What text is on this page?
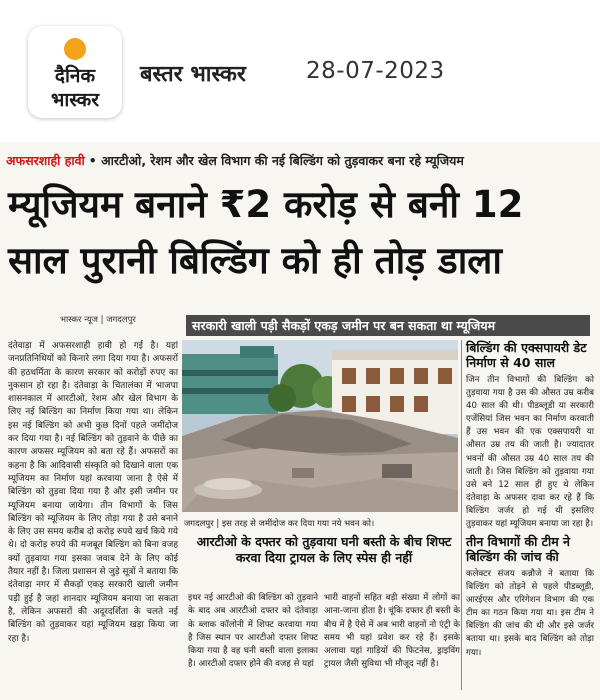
दैनिक
भास्कर
बस्तर भास्कर	28-07-2023
अफसरशाही हावी • आरटीओ, रेशम और खेल विभाग की नई बिल्डिंग को तुड़वाकर बना रहे म्यूजियम
म्यूजियम बनाने ₹2 करोड़ से बनी 12
साल पुरानी बिल्डिंग को ही तोड़ डाला
भास्कर न्यूज | जगदलपुर	सरकारी खाली पड़ी सैकड़ों एकड़ जमीन पर बन सकता था म्यूजियम

दंतेवाड़ा में अफसरशाही हावी हो गई है। यहां जनप्रतिनिधियों को किनारे लगा दिया गया है। अफसरों की हठधर्मिता के कारण सरकार को करोड़ों रुपए का नुकसान हो रहा है। दंतेवाड़ा के चितालंका में भाजपा शासनकाल में आरटीओ, रेशम और खेल विभाग के लिए नई बिल्डिंग का निर्माण किया गया था। लेकिन इस नई बिल्डिंग को अभी कुछ दिनों पहले जमींदोज कर दिया गया है। नई बिल्डिंग को तुड़वाने के पीछे का कारण अफसर म्यूजियम को बता रहे हैं। अफसरों का कहना है कि आदिवासी संस्कृति को दिखाने वाला एक म्यूजियम का निर्माण यहां करवाया जाना है ऐसे में बिल्डिंग को तुड़वा दिया गया है और इसी जमीन पर म्यूजियम बनाया जायेगा। तीन विभागों के जिस बिल्डिंग को म्यूजियम के लिए तोड़ा गया है उसे बनाने के लिए उस समय करीब दो करोड़ रुपये खर्च किये गये थे। दो करोड़ रुपये की मजबूत बिल्डिंग को बिना वजह क्यों तुड़वाया गया इसका जवाब देने के लिए कोई तैयार नहीं है। जिला प्रशासन से जुड़े सूत्रों ने बताया कि दंतेवाड़ा नगर में सैकड़ों एकड़ सरकारी खाली जमीन पड़ी हुई है जहां शानदार म्यूजियम बनाया जा सकता है, लेकिन अफसरों की अदूरदर्शिता के चलते नई बिल्डिंग को तुड़वाकर यहां म्यूजियम खड़ा किया जा रहा है।

जगदलपुर | इस तरह से जमींदोज कर दिया गया नये भवन को।
बिल्डिंग की एक्सपायरी डेट निर्माण से 40 साल
जिन तीन विभागों की बिल्डिंग को तुड़वाया गया है उस की औसत उम्र करीब 40 साल की थी। पीडब्लूडी या सरकारी एजेंसियां जिस भवन का निर्माण करवाती हैं उस भवन की एक एक्सपायरी या औसत उम्र तय की जाती है। ज्यादातर भवनों की औसत उम्र 40 साल तय की जाती है। जिस बिल्डिंग को तुड़वाया गया उसे बने 12 साल ही हुए थे लेकिन दंतेवाड़ा के अफसर दावा कर रहे हैं कि बिल्डिंग जर्जर हो गई थी इसलिए तुड़वाकर यहां म्यूजियम बनाया जा रहा है।
तीन विभागों की टीम ने बिल्डिंग की जांच की
कलेक्टर संजय कन्नौजे ने बताया कि बिल्डिंग को तोड़ने से पहले पीडब्लूडी, आरईएस और एरिगेशन विभाग की एक टीम का गठन किया गया था। इस टीम ने बिल्डिंग की जांच की थी और इसे जर्जर बताया था। इसके बाद बिल्डिंग को तोड़ा गया।
आरटीओ के दफ्तर को तुड़वाया घनी बस्ती के बीच शिफ्ट करवा दिया ट्रायल के लिए स्पेस ही नहीं
इधर नई आरटीओ की बिल्डिंग को तुड़वाने के बाद अब आरटीओ दफ्तर को दंतेवाड़ा के ब्लाक कॉलोनी में शिफ्ट करवाया गया है जिस स्थान पर आरटीओ दफ्तर शिफ्ट किया गया है वह घनी बस्ती वाला इलाका है। आरटीओ दफ्तर होने की वजह से यहां
भारी वाहनों सहित बड़ी संख्या में लोगों का आना-जाना होता है। चूंकि दफ्तर ही बस्ती के बीच में है ऐसे में अब भारी वाहनों नो एंट्री के समय भी यहां प्रवेश कर रहे हैं। इसके अलावा यहां गाड़ियों की फिटनेस, ड्राइविंग ट्रायल जैसी सुविधा भी मौजूद नहीं है।
